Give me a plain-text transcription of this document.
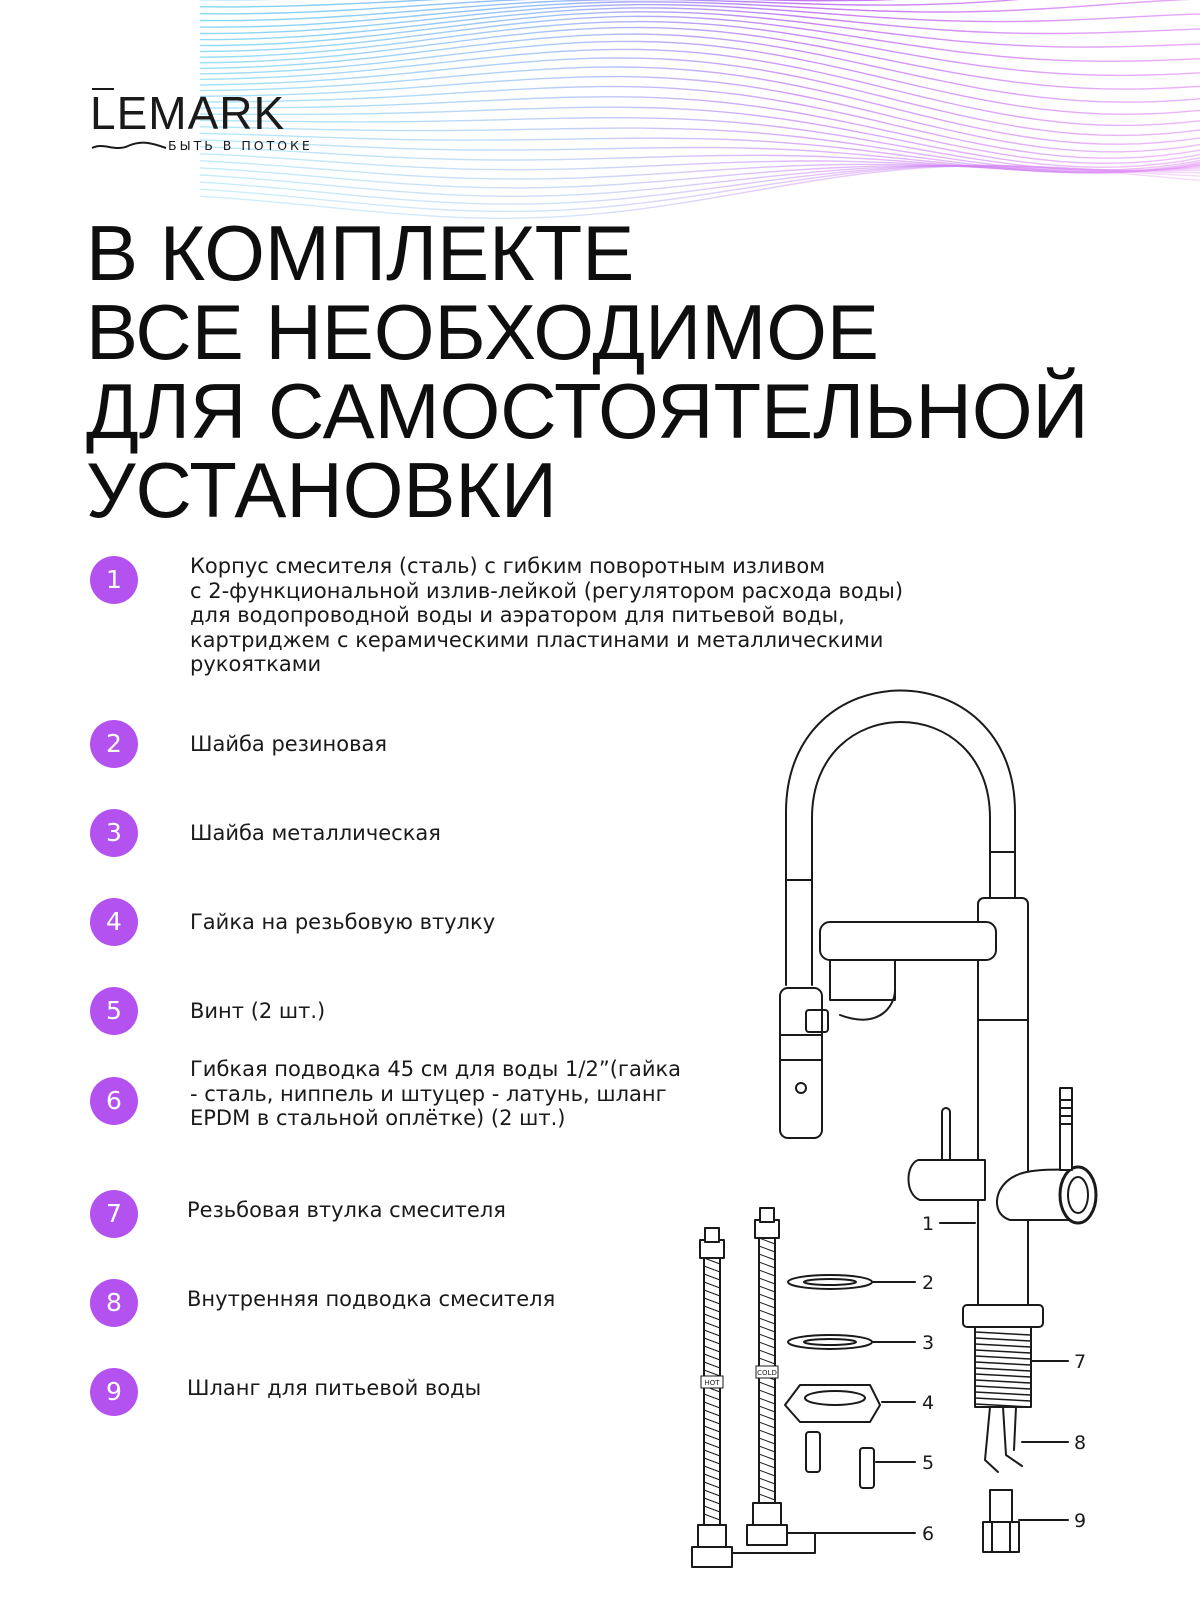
LEMARK
БЫТЬ В ПОТОКЕ
В КОМПЛЕКТЕ
ВСЕ НЕОБХОДИМОЕ
ДЛЯ САМОСТОЯТЕЛЬНОЙ
УСТАНОВКИ
1	Корпус смесителя (сталь) с гибким поворотным изливом
с 2-функциональной излив-лейкой (регулятором расхода воды)
для водопроводной воды и аэратором для питьевой воды,
картриджем с керамическими пластинами и металлическими
рукоятками
2	Шайба резиновая
3	Шайба металлическая
4	Гайка на резьбовую втулку
5	Винт (2 шт.)
6
Гибкая подводка 45 см для воды 1/2”(гайка
- сталь, ниппель и штуцер - латунь, шланг
EPDM в стальной оплётке) (2 шт.)
7	Резьбовая втулка смесителя
8	Внутренняя подводка смесителя
9	Шланг для питьевой воды	HOT
COLD
1
2
3
4
5
6
7
8
9
